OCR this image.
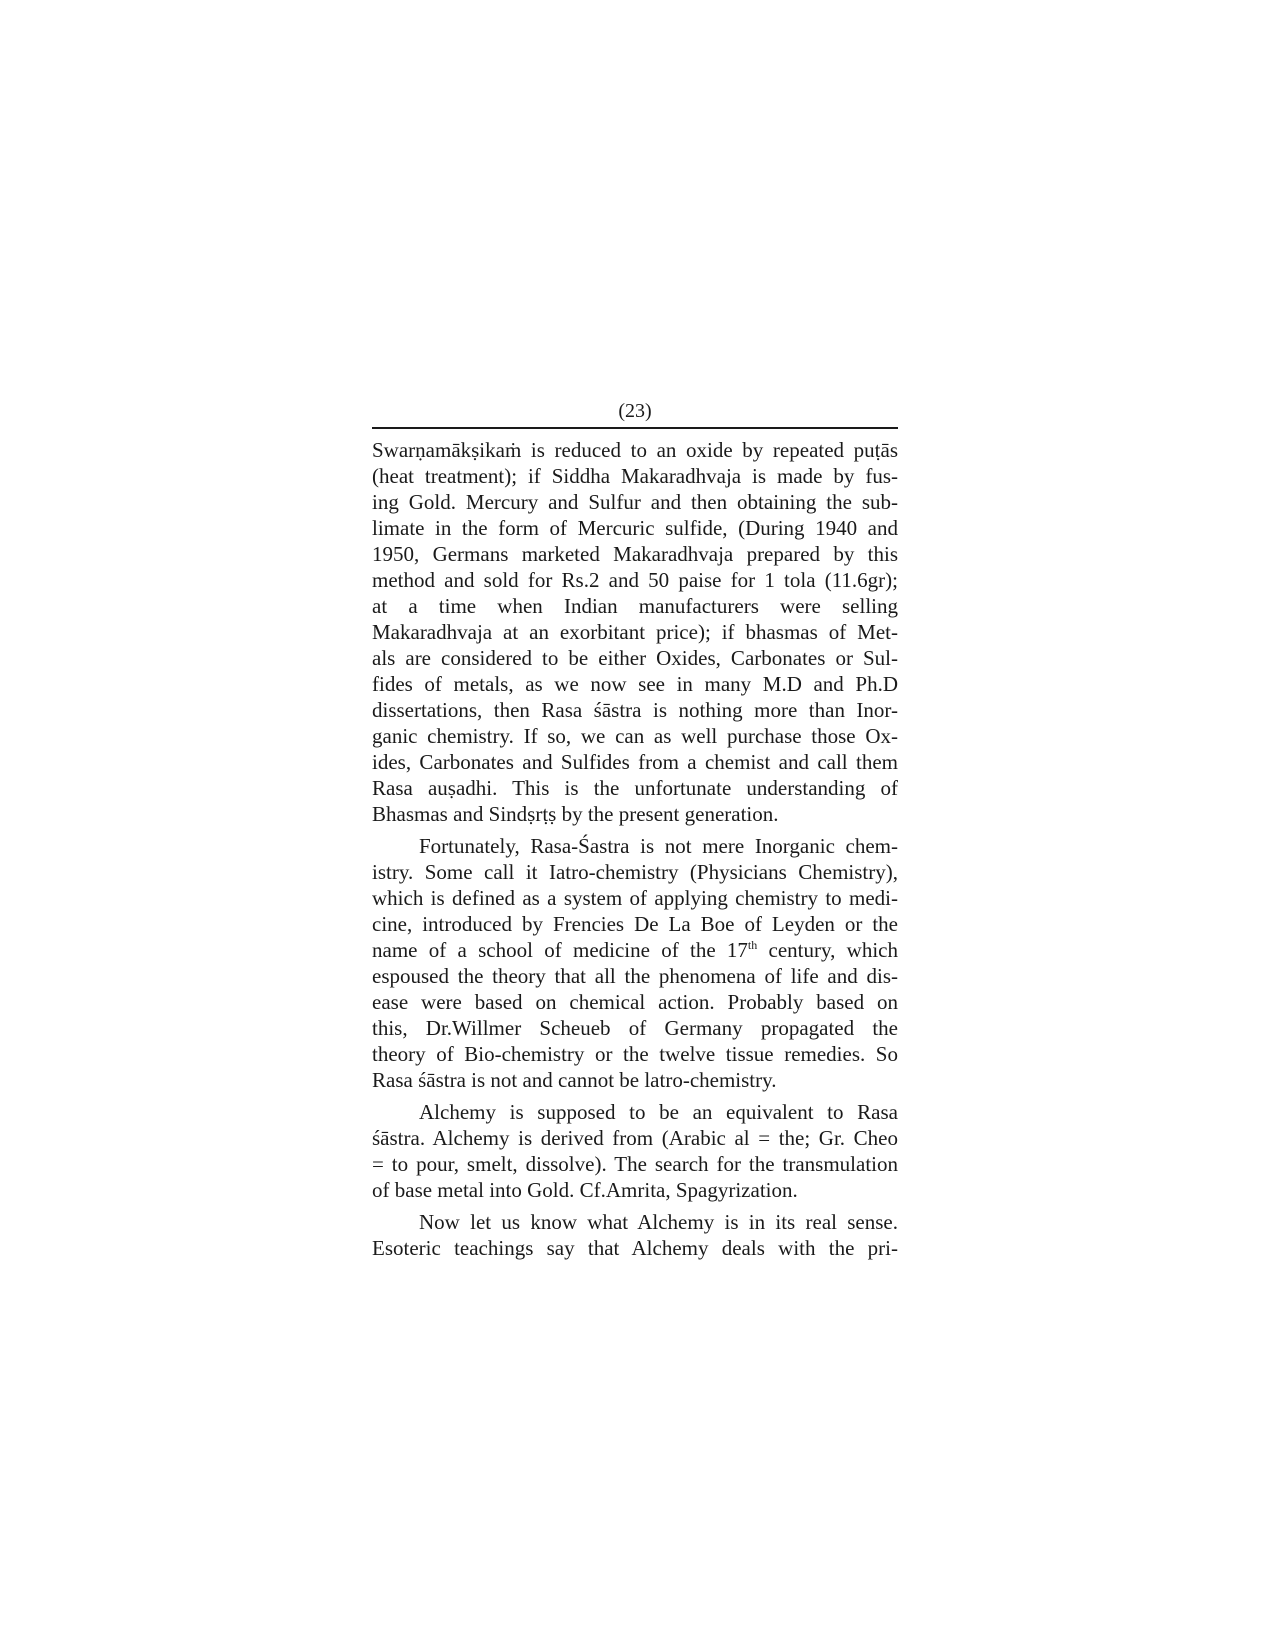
(23)
Swarṇamākṣikaṁ is reduced to an oxide by repeated puṭās
(heat treatment); if Siddha Makaradhvaja is made by fus-
ing Gold. Mercury and Sulfur and then obtaining the sub-
limate in the form of Mercuric sulfide, (During 1940 and
1950, Germans marketed Makaradhvaja prepared by this
method and sold for Rs.2 and 50 paise for 1 tola (11.6gr);
at a time when Indian manufacturers were selling
Makaradhvaja at an exorbitant price); if bhasmas of Met-
als are considered to be either Oxides, Carbonates or Sul-
fides of metals, as we now see in many M.D and Ph.D
dissertations, then Rasa śāstra is nothing more than Inor-
ganic chemistry. If so, we can as well purchase those Ox-
ides, Carbonates and Sulfides from a chemist and call them
Rasa auṣadhi. This is the unfortunate understanding of
Bhasmas and Sindṣrṭṣ by the present generation.
Fortunately, Rasa-Śastra is not mere Inorganic chem-
istry. Some call it Iatro-chemistry (Physicians Chemistry),
which is defined as a system of applying chemistry to medi-
cine, introduced by Frencies De La Boe of Leyden or the
name of a school of medicine of the 17th century, which
espoused the theory that all the phenomena of life and dis-
ease were based on chemical action. Probably based on
this, Dr.Willmer Scheueb of Germany propagated the
theory of Bio-chemistry or the twelve tissue remedies. So
Rasa śāstra is not and cannot be latro-chemistry.
Alchemy is supposed to be an equivalent to Rasa
śāstra. Alchemy is derived from (Arabic al = the; Gr. Cheo
= to pour, smelt, dissolve). The search for the transmulation
of base metal into Gold. Cf.Amrita, Spagyrization.
Now let us know what Alchemy is in its real sense.
Esoteric teachings say that Alchemy deals with the pri-
